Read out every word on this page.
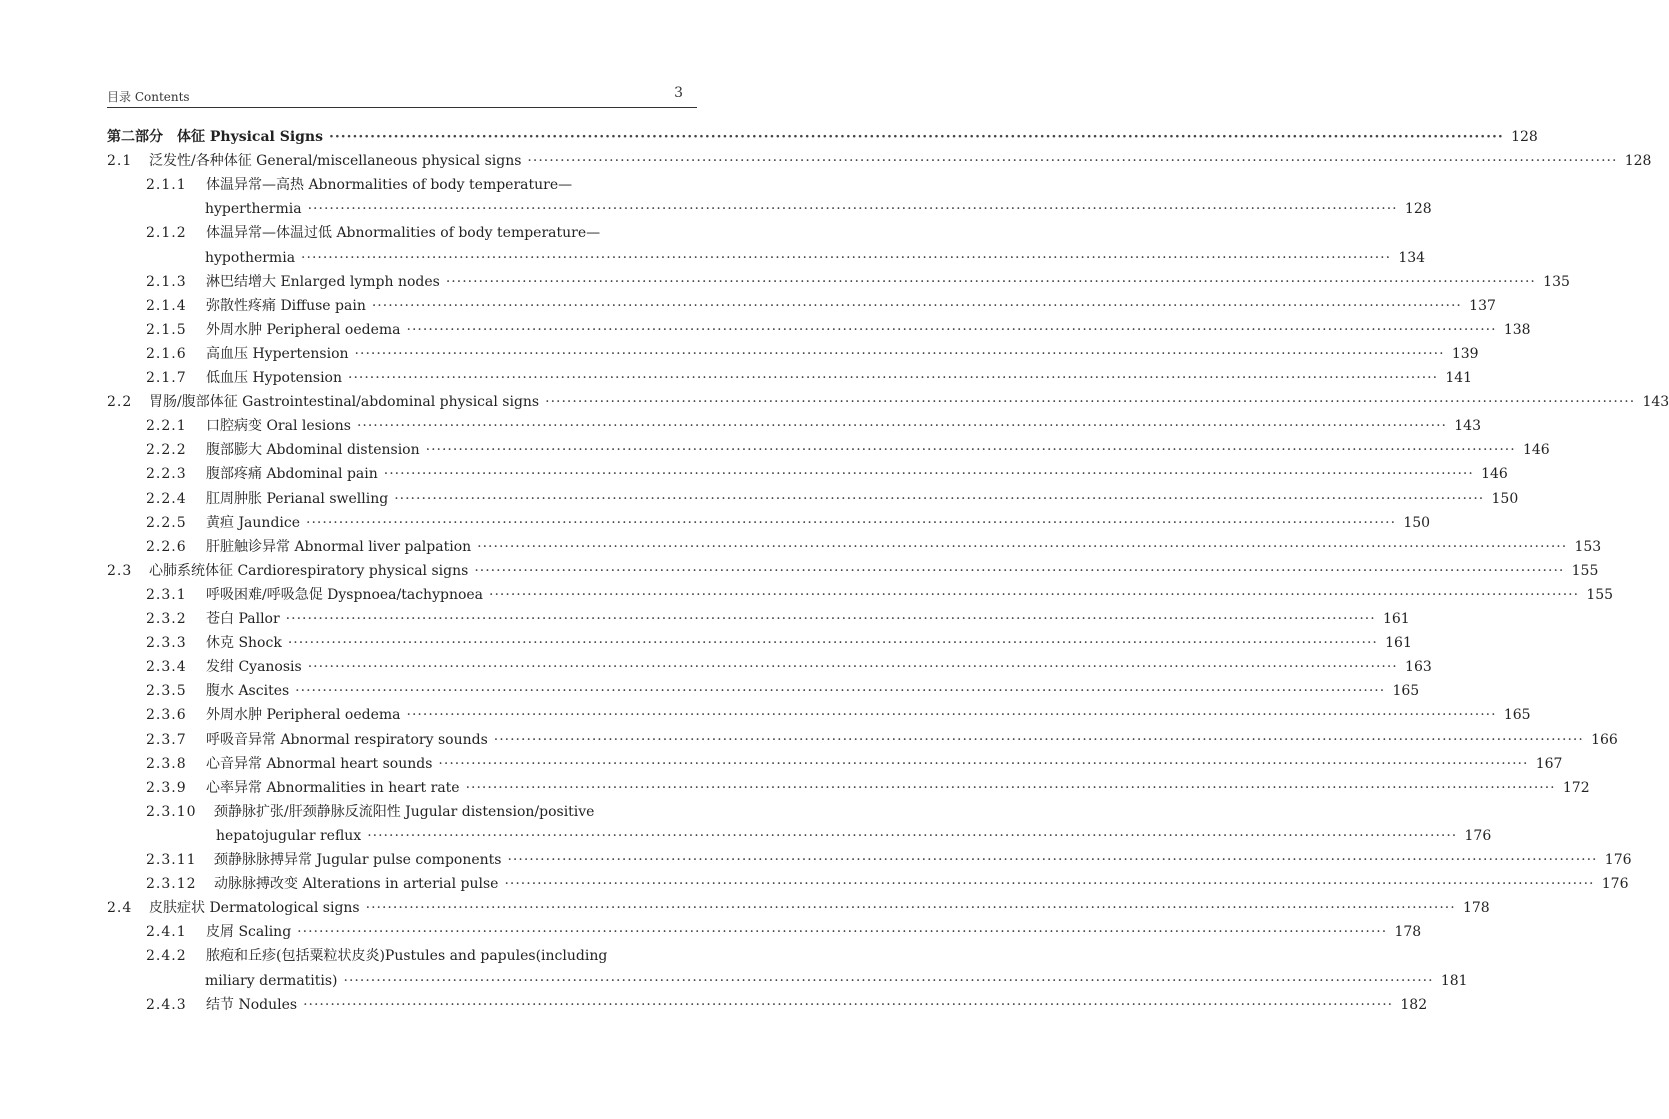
目录 Contents	3
第二部分　体征 Physical Signs ········································································································································································································ 128
2.1	泛发性/各种体征 General/miscellaneous physical signs ········································································································································································································ 128
2.1.1	体温异常—高热 Abnormalities of body temperature—
hyperthermia ········································································································································································································ 128
2.1.2	体温异常—体温过低 Abnormalities of body temperature—
hypothermia ········································································································································································································ 134
2.1.3	淋巴结增大 Enlarged lymph nodes ········································································································································································································ 135
2.1.4	弥散性疼痛 Diffuse pain ········································································································································································································ 137
2.1.5	外周水肿 Peripheral oedema ········································································································································································································ 138
2.1.6	高血压 Hypertension ········································································································································································································ 139
2.1.7	低血压 Hypotension ········································································································································································································ 141
2.2	胃肠/腹部体征 Gastrointestinal/abdominal physical signs ········································································································································································································ 143
2.2.1	口腔病变 Oral lesions ········································································································································································································ 143
2.2.2	腹部膨大 Abdominal distension ········································································································································································································ 146
2.2.3	腹部疼痛 Abdominal pain ········································································································································································································ 146
2.2.4	肛周肿胀 Perianal swelling ········································································································································································································ 150
2.2.5	黄疸 Jaundice ········································································································································································································ 150
2.2.6	肝脏触诊异常 Abnormal liver palpation ········································································································································································································ 153
2.3	心肺系统体征 Cardiorespiratory physical signs ········································································································································································································ 155
2.3.1	呼吸困难/呼吸急促 Dyspnoea/tachypnoea ········································································································································································································ 155
2.3.2	苍白 Pallor ········································································································································································································ 161
2.3.3	休克 Shock ········································································································································································································ 161
2.3.4	发绀 Cyanosis ········································································································································································································ 163
2.3.5	腹水 Ascites ········································································································································································································ 165
2.3.6	外周水肿 Peripheral oedema ········································································································································································································ 165
2.3.7	呼吸音异常 Abnormal respiratory sounds ········································································································································································································ 166
2.3.8	心音异常 Abnormal heart sounds ········································································································································································································ 167
2.3.9	心率异常 Abnormalities in heart rate ········································································································································································································ 172
2.3.10	颈静脉扩张/肝颈静脉反流阳性 Jugular distension/positive
hepatojugular reflux ········································································································································································································ 176
2.3.11	颈静脉脉搏异常 Jugular pulse components ········································································································································································································ 176
2.3.12	动脉脉搏改变 Alterations in arterial pulse ········································································································································································································ 176
2.4	皮肤症状 Dermatological signs ········································································································································································································ 178
2.4.1	皮屑 Scaling ········································································································································································································ 178
2.4.2	脓疱和丘疹(包括粟粒状皮炎)Pustules and papules(including
miliary dermatitis) ········································································································································································································ 181
2.4.3	结节 Nodules ········································································································································································································ 182
